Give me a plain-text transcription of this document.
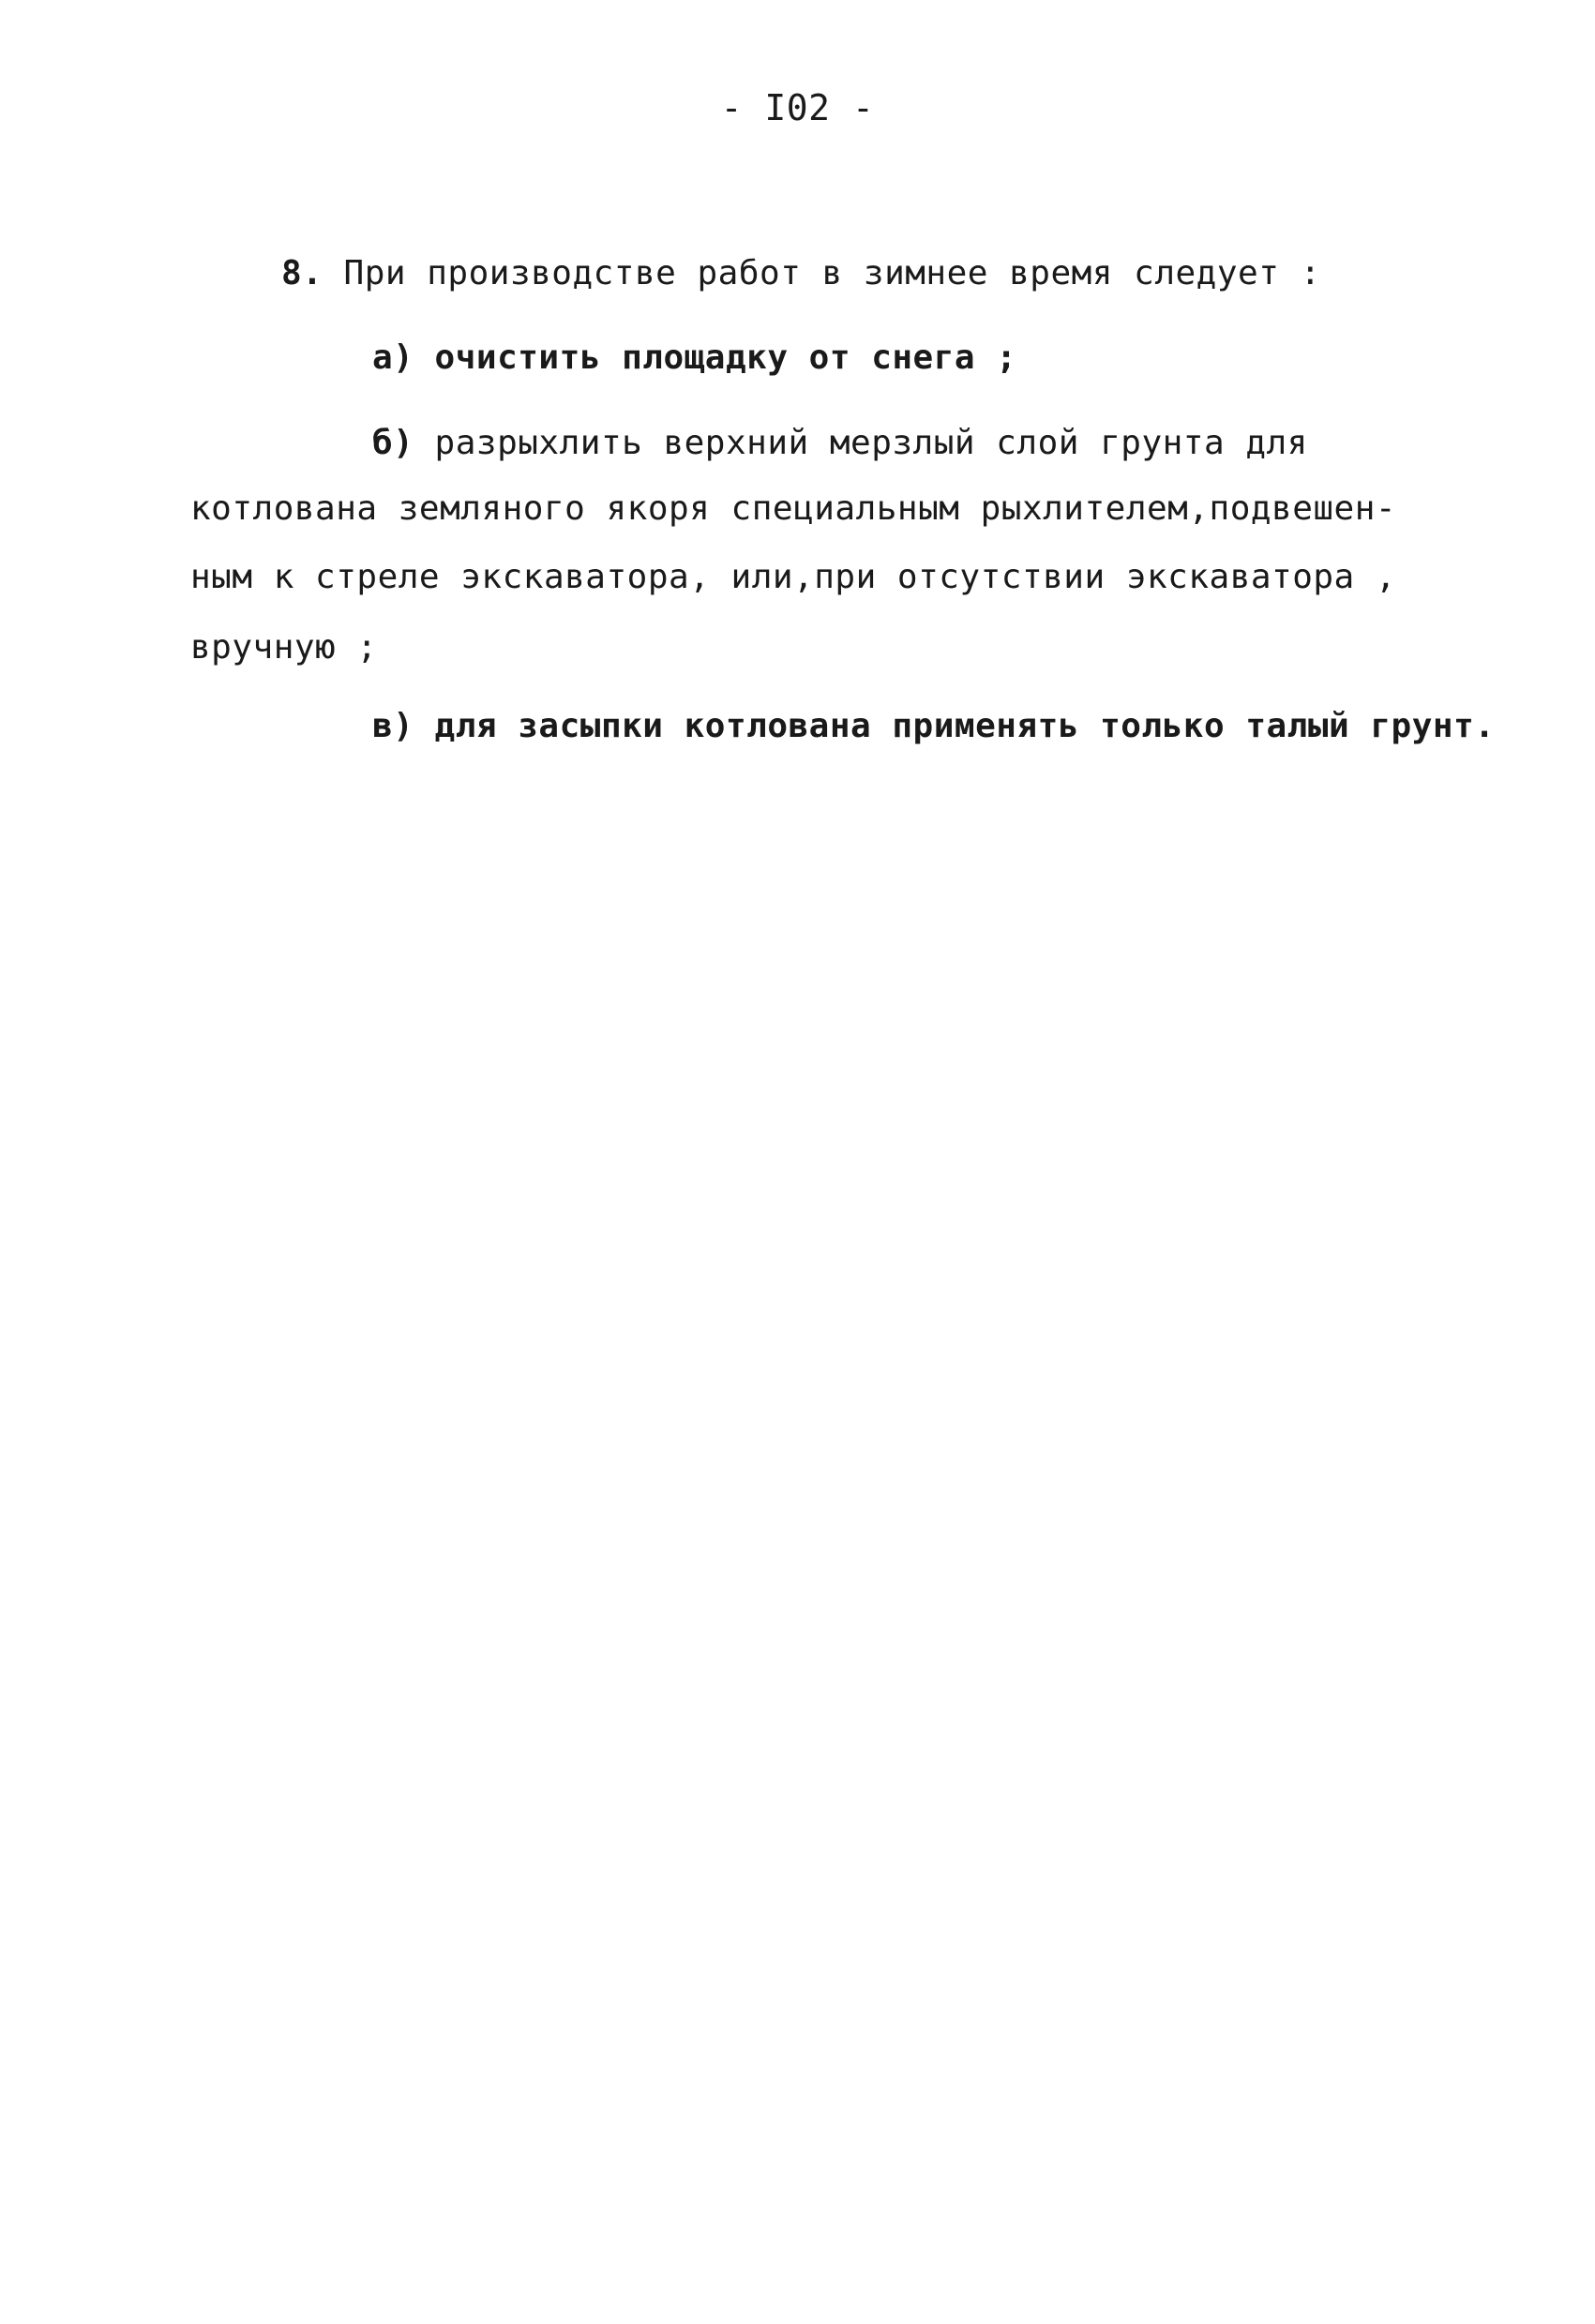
- I02 -
8. При производстве работ в зимнее время следует :
а) очистить площадку от снега ;
б) разрыхлить верхний мерзлый слой грунта для
котлована земляного якоря специальным рыхлителем,подвешен-
ным к стреле экскаватора, или,при отсутствии экскаватора ,
вручную ;
в) для засыпки котлована применять только талый грунт.
